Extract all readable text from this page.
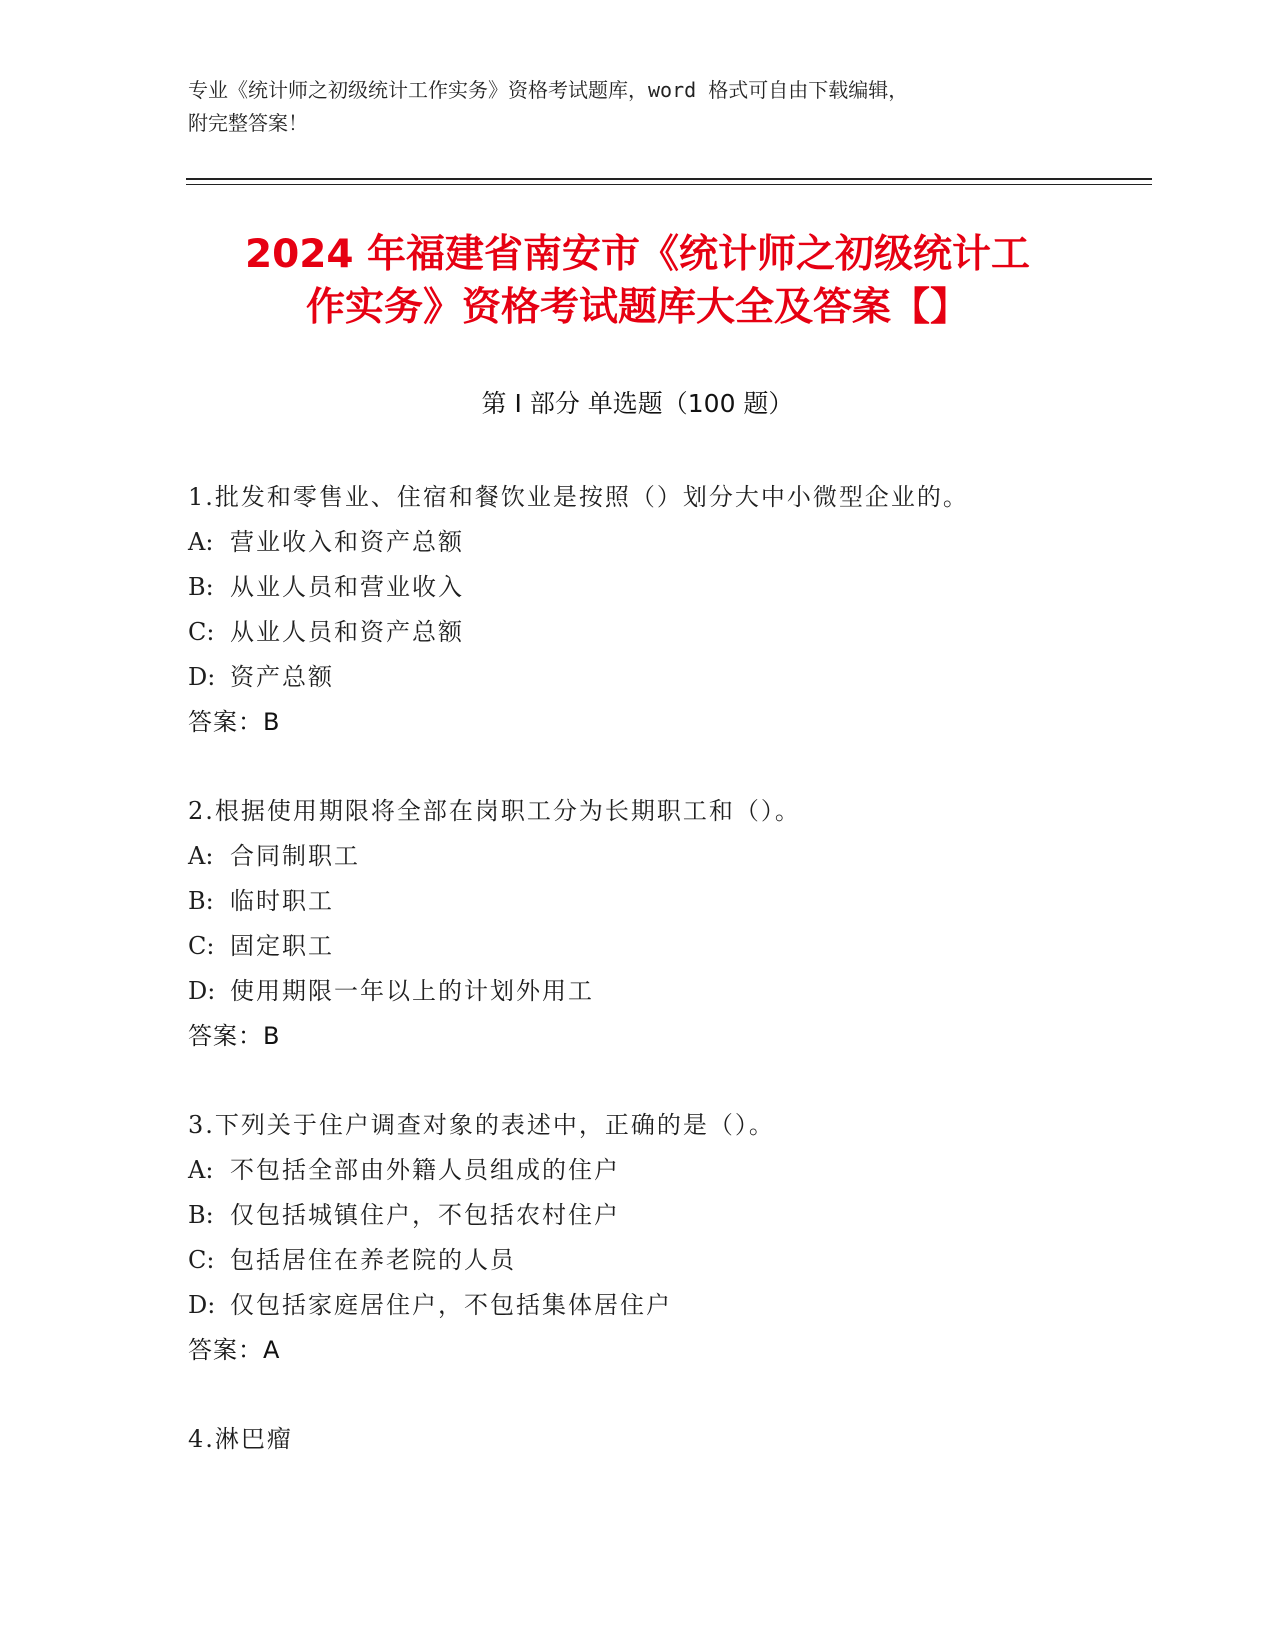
专业《统计师之初级统计工作实务》资格考试题库，word 格式可自由下载编辑，

附完整答案！

2024 年福建省南安市《统计师之初级统计工
作实务》资格考试题库大全及答案【】
第 I 部分 单选题（100 题）
1.批发和零售业、住宿和餐饮业是按照（）划分大中小微型企业的。
A: 营业收入和资产总额
B: 从业人员和营业收入
C: 从业人员和资产总额
D: 资产总额
答案：B
2.根据使用期限将全部在岗职工分为长期职工和（）。
A: 合同制职工
B: 临时职工
C: 固定职工
D: 使用期限一年以上的计划外用工
答案：B
3.下列关于住户调查对象的表述中，正确的是（）。
A: 不包括全部由外籍人员组成的住户
B: 仅包括城镇住户，不包括农村住户
C: 包括居住在养老院的人员
D: 仅包括家庭居住户，不包括集体居住户
答案：A
4.淋巴瘤
